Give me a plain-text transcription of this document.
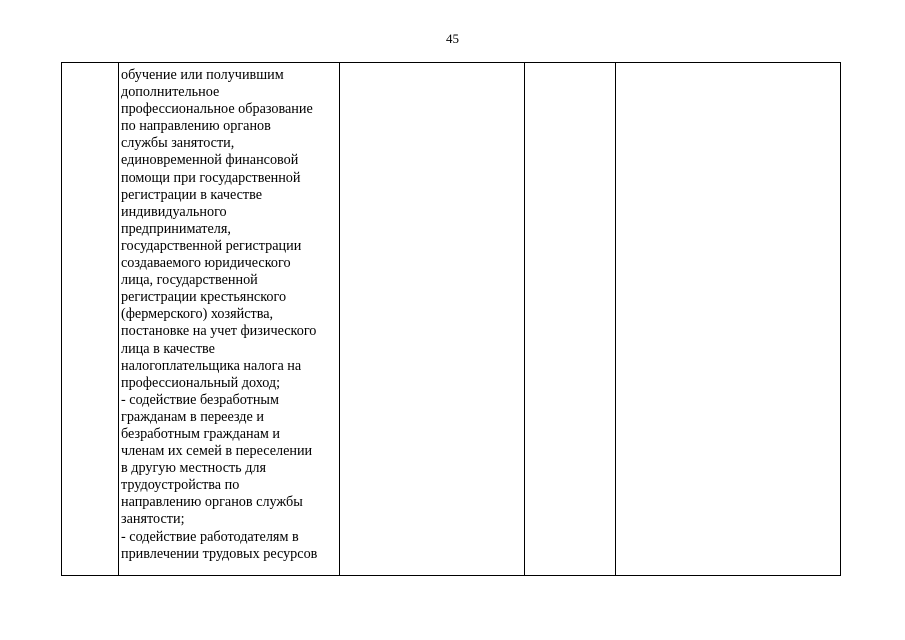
45
обучение или получившим
дополнительное
профессиональное образование
по направлению органов
службы занятости,
единовременной финансовой
помощи при государственной
регистрации в качестве
индивидуального
предпринимателя,
государственной регистрации
создаваемого юридического
лица, государственной
регистрации крестьянского
(фермерского) хозяйства,
постановке на учет физического
лица в качестве
налогоплательщика налога на
профессиональный доход;
- содействие безработным
гражданам в переезде и
безработным гражданам и
членам их семей в переселении
в другую местность для
трудоустройства по
направлению органов службы
занятости;
- содействие работодателям в
привлечении трудовых ресурсов
